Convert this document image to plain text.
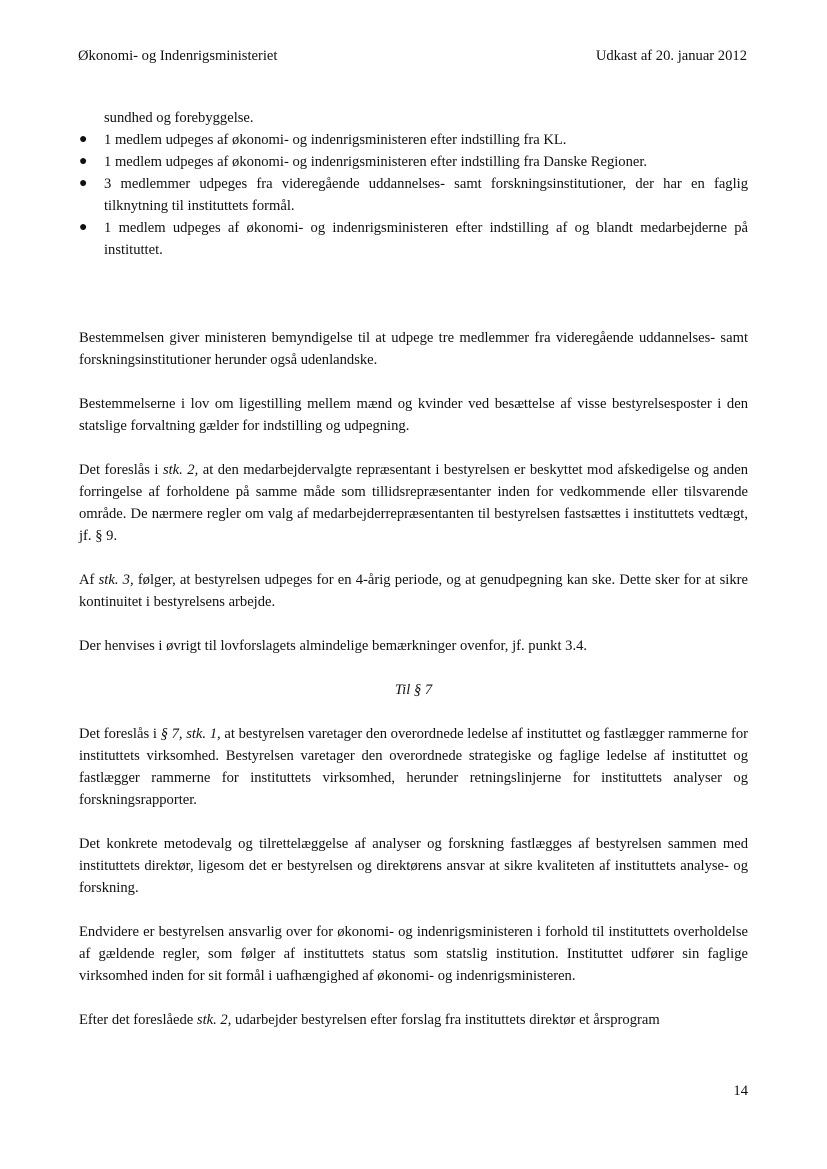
Økonomi- og Indenrigsministeriet	Udkast af 20. januar 2012

sundhed og forebyggelse.

● 1 medlem udpeges af økonomi- og indenrigsministeren efter indstilling fra KL.
● 1 medlem udpeges af økonomi- og indenrigsministeren efter indstilling fra Danske Regioner.
● 3 medlemmer udpeges fra videregående uddannelses- samt forskningsinstitutioner, der har en faglig tilknytning til instituttets formål.
● 1 medlem udpeges af økonomi- og indenrigsministeren efter indstilling af og blandt medarbejderne på instituttet.

Bestemmelsen giver ministeren bemyndigelse til at udpege tre medlemmer fra videregående uddannelses- samt forskningsinstitutioner herunder også udenlandske.

Bestemmelserne i lov om ligestilling mellem mænd og kvinder ved besættelse af visse bestyrelsesposter i den statslige forvaltning gælder for indstilling og udpegning.

Det foreslås i stk. 2, at den medarbejdervalgte repræsentant i bestyrelsen er beskyttet mod afskedigelse og anden forringelse af forholdene på samme måde som tillidsrepræsentanter inden for vedkommende eller tilsvarende område. De nærmere regler om valg af medarbejderrepræsentanten til bestyrelsen fastsættes i instituttets vedtægt, jf. § 9.

Af stk. 3, følger, at bestyrelsen udpeges for en 4-årig periode, og at genudpegning kan ske. Dette sker for at sikre kontinuitet i bestyrelsens arbejde.

Der henvises i øvrigt til lovforslagets almindelige bemærkninger ovenfor, jf. punkt 3.4.

Til § 7

Det foreslås i § 7, stk. 1, at bestyrelsen varetager den overordnede ledelse af instituttet og fastlægger rammerne for instituttets virksomhed. Bestyrelsen varetager den overordnede strategiske og faglige ledelse af instituttet og fastlægger rammerne for instituttets virksomhed, herunder retningslinjerne for instituttets analyser og forskningsrapporter.

Det konkrete metodevalg og tilrettelæggelse af analyser og forskning fastlægges af bestyrelsen sammen med instituttets direktør, ligesom det er bestyrelsen og direktørens ansvar at sikre kvaliteten af instituttets analyse- og forskning.

Endvidere er bestyrelsen ansvarlig over for økonomi- og indenrigsministeren i forhold til instituttets overholdelse af gældende regler, som følger af instituttets status som statslig institution. Instituttet udfører sin faglige virksomhed inden for sit formål i uafhængighed af økonomi- og indenrigsministeren.

Efter det foreslåede stk. 2, udarbejder bestyrelsen efter forslag fra instituttets direktør et årsprogram

14
